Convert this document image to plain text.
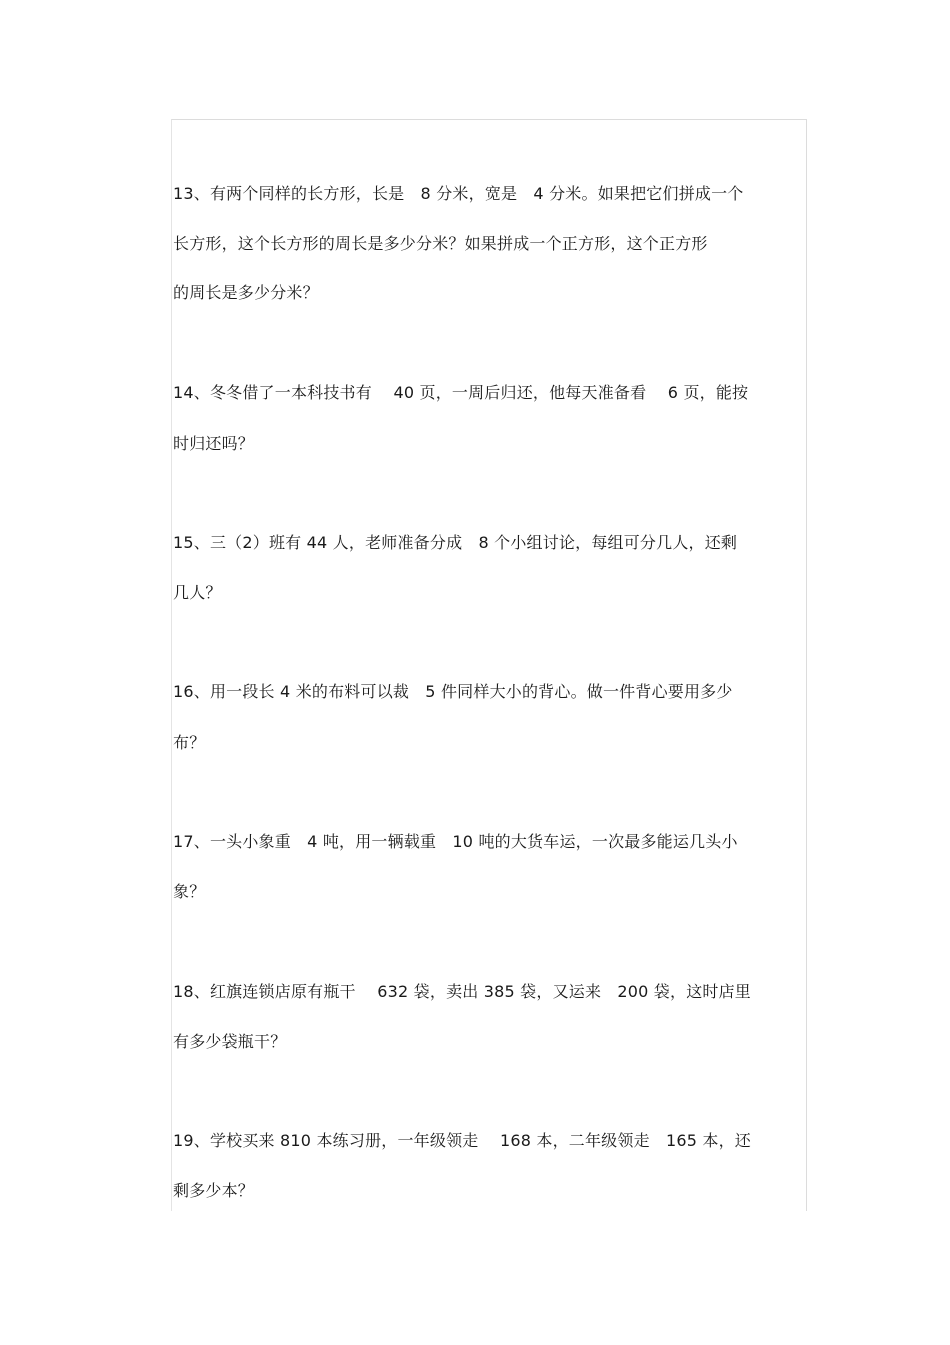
13、有两个同样的长方形，长是　8 分米，宽是　4 分米。如果把它们拼成一个
长方形，这个长方形的周长是多少分米？如果拼成一个正方形，这个正方形
的周长是多少分米？
14、冬冬借了一本科技书有　 40 页，一周后归还，他每天准备看　 6 页，能按
时归还吗？
15、三（2）班有 44 人，老师准备分成　8 个小组讨论，每组可分几人，还剩
几人？
16、用一段长 4 米的布料可以裁　5 件同样大小的背心。做一件背心要用多少
布？
17、一头小象重　4 吨，用一辆载重　10 吨的大货车运，一次最多能运几头小
象？
18、红旗连锁店原有瓶干　 632 袋，卖出 385 袋，又运来　200 袋，这时店里
有多少袋瓶干？
19、学校买来 810 本练习册，一年级领走　 168 本，二年级领走　165 本，还
剩多少本？
